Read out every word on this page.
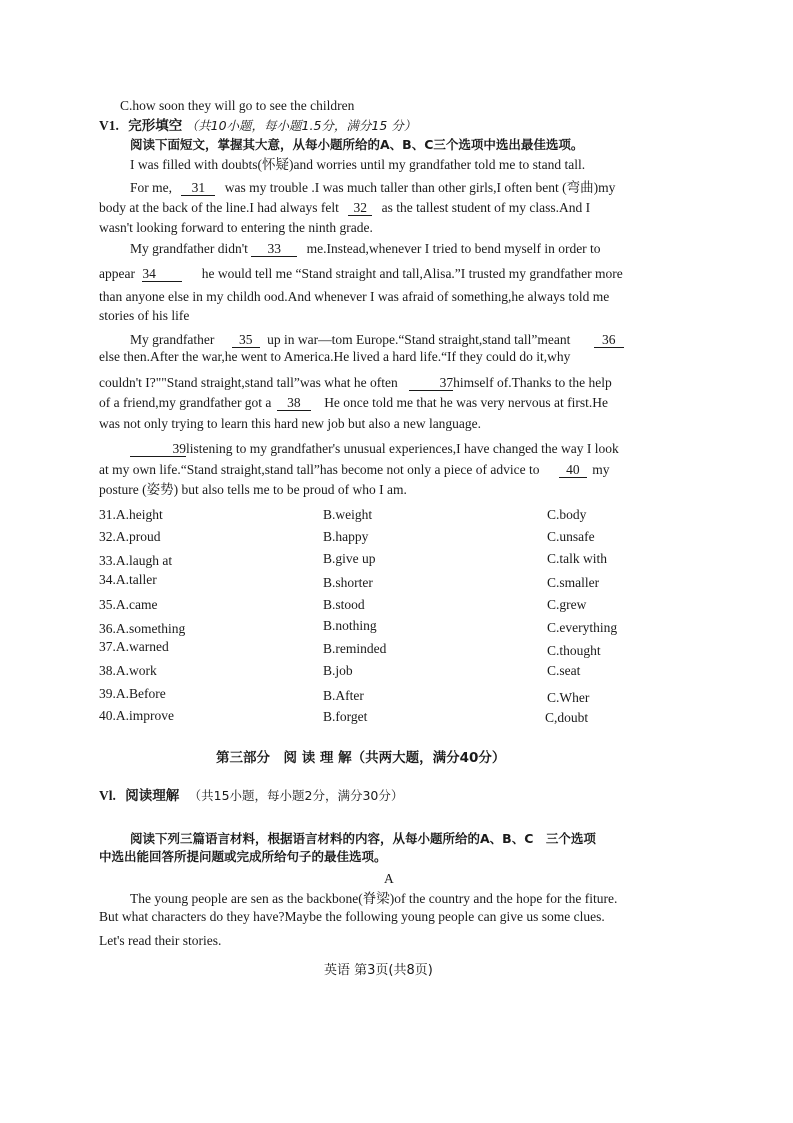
C.how soon they will go to see the children
V1. 完形填空 （共10小题，每小题1.5分，满分15 分）
阅读下面短文，掌握其大意，从每小题所给的A、B、C三个选项中选出最佳选项。
I was filled with doubts(怀疑)and worries until my grandfather told me to stand tall.
For me, 31 was my trouble .I was much taller than other girls,I often bent (弯曲)my
body at the back of the line.I had always felt 32 as the tallest student of my class.And I
wasn't looking forward to entering the ninth grade.
My grandfather didn't 33 me.Instead,whenever I tried to bend myself in order to
appear 34	he would tell me “Stand straight and tall,Alisa.”I trusted my grandfather more
than anyone else in my childh ood.And whenever I was afraid of something,he always told me
stories of his life
My grandfather 35 up in war—tom Europe.“Stand straight,stand tall”meant 36
else then.After the war,he went to America.He lived a hard life.“If they could do it,why
couldn't I?""Stand straight,stand tall”was what he often	37himself of.Thanks to the help
of a friend,my grandfather got a 38 He once told me that he was very nervous at first.He
was not only trying to learn this hard new job but also a new language.
39listening to my grandfather's unusual experiences,I have changed the way I look
at my own life.“Stand straight,stand tall”has become not only a piece of advice to 40 my
posture (姿势) but also tells me to be proud of who I am.
31.A.height	B.weight	C.body
32.A.proud	B.happy	C.unsafe
33.A.laugh at	B.give up	C.talk with
34.A.taller	B.shorter	C.smaller
35.A.came	B.stood	C.grew
36.A.something	B.nothing	C.everything
37.A.warned	B.reminded	C.thought
38.A.work	B.job	C.seat
39.A.Before	B.After	C.Wher
40.A.improve	B.forget	C,doubt
第三部分　阅 读 理 解（共两大题，满分40分）
Vl. 阅读理解 （共15小题，每小题2分，满分30分）
阅读下列三篇语言材料，根据语言材料的内容，从每小题所给的A、B、C　三个选项
中选出能回答所提问题或完成所给句子的最佳选项。
A
The young people are sen as the backbone(脊梁)of the country and the hope for the fiture.
But what characters do they have?Maybe the following young people can give us some clues.
Let's read their stories.
英语 第3页(共8页)
